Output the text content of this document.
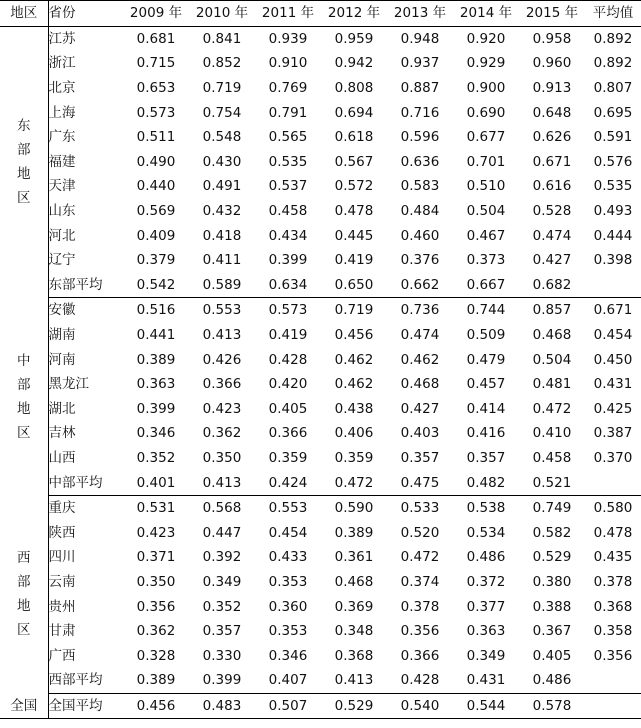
地区	省份	2009 年	2010 年	2011 年	2012 年	2013 年	2014 年	2015 年	平均值
东部地区	江苏	0.681	0.841	0.939	0.959	0.948	0.920	0.958	0.892
	浙江	0.715	0.852	0.910	0.942	0.937	0.929	0.960	0.892
	北京	0.653	0.719	0.769	0.808	0.887	0.900	0.913	0.807
	上海	0.573	0.754	0.791	0.694	0.716	0.690	0.648	0.695
	广东	0.511	0.548	0.565	0.618	0.596	0.677	0.626	0.591
	福建	0.490	0.430	0.535	0.567	0.636	0.701	0.671	0.576
	天津	0.440	0.491	0.537	0.572	0.583	0.510	0.616	0.535
	山东	0.569	0.432	0.458	0.478	0.484	0.504	0.528	0.493
	河北	0.409	0.418	0.434	0.445	0.460	0.467	0.474	0.444
	辽宁	0.379	0.411	0.399	0.419	0.376	0.373	0.427	0.398
	东部平均	0.542	0.589	0.634	0.650	0.662	0.667	0.682	
中部地区	安徽	0.516	0.553	0.573	0.719	0.736	0.744	0.857	0.671
	湖南	0.441	0.413	0.419	0.456	0.474	0.509	0.468	0.454
	河南	0.389	0.426	0.428	0.462	0.462	0.479	0.504	0.450
	黑龙江	0.363	0.366	0.420	0.462	0.468	0.457	0.481	0.431
	湖北	0.399	0.423	0.405	0.438	0.427	0.414	0.472	0.425
	吉林	0.346	0.362	0.366	0.406	0.403	0.416	0.410	0.387
	山西	0.352	0.350	0.359	0.359	0.357	0.357	0.458	0.370
	中部平均	0.401	0.413	0.424	0.472	0.475	0.482	0.521	
西部地区	重庆	0.531	0.568	0.553	0.590	0.533	0.538	0.749	0.580
	陕西	0.423	0.447	0.454	0.389	0.520	0.534	0.582	0.478
	四川	0.371	0.392	0.433	0.361	0.472	0.486	0.529	0.435
	云南	0.350	0.349	0.353	0.468	0.374	0.372	0.380	0.378
	贵州	0.356	0.352	0.360	0.369	0.378	0.377	0.388	0.368
	甘肃	0.362	0.357	0.353	0.348	0.356	0.363	0.367	0.358
	广西	0.328	0.330	0.346	0.368	0.366	0.349	0.405	0.356
	西部平均	0.389	0.399	0.407	0.413	0.428	0.431	0.486	
全国	全国平均	0.456	0.483	0.507	0.529	0.540	0.544	0.578	
